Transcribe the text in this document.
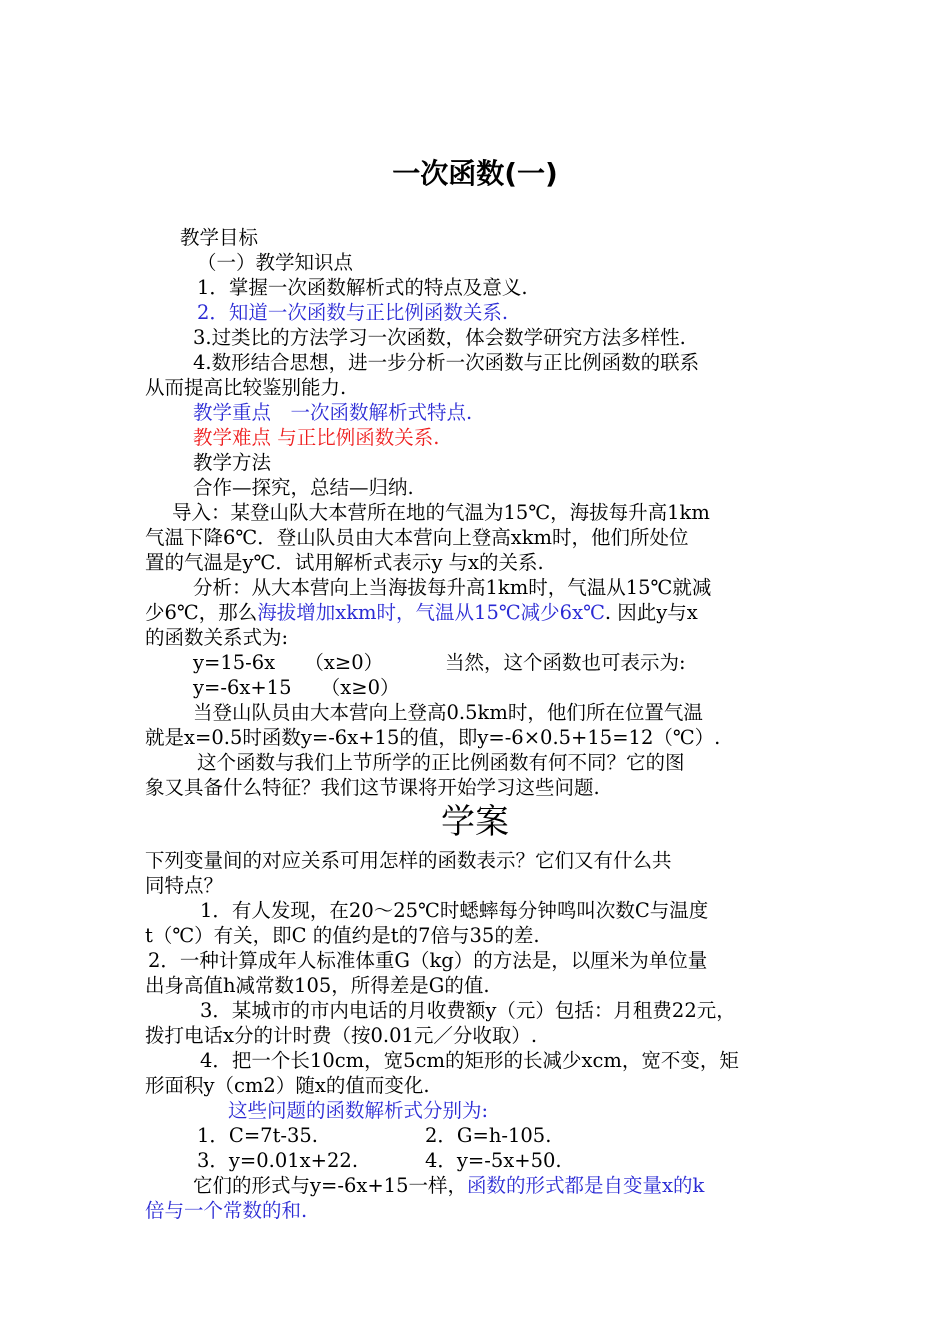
一次函数(一)
教学目标
（一）教学知识点
1．掌握一次函数解析式的特点及意义.
2．知道一次函数与正比例函数关系.
3.过类比的方法学习一次函数，体会数学研究方法多样性.
4.数形结合思想，进一步分析一次函数与正比例函数的联系
从而提高比较鉴别能力.
教学重点　一次函数解析式特点.
教学难点 与正比例函数关系.
教学方法
合作—探究，总结—归纳.
导入：某登山队大本营所在地的气温为15℃，海拔每升高1km
气温下降6℃．登山队员由大本营向上登高xkm时，他们所处位
置的气温是y℃．试用解析式表示y 与x的关系.
分析：从大本营向上当海拔每升高1km时，气温从15℃就减
少6℃，那么海拔增加xkm时，气温从15℃减少6x℃. 因此y与x
的函数关系式为:
y=15-6x　　（x≥0）	当然，这个函数也可表示为:
y=-6x+15　　（x≥0）
当登山队员由大本营向上登高0.5km时，他们所在位置气温
就是x=0.5时函数y=-6x+15的值，即y=-6×0.5+15=12（℃）.
这个函数与我们上节所学的正比例函数有何不同？它的图
象又具备什么特征？我们这节课将开始学习这些问题.
学案
下列变量间的对应关系可用怎样的函数表示？它们又有什么共
同特点？
1．有人发现，在20～25℃时蟋蟀每分钟鸣叫次数C与温度
t（℃）有关，即C 的值约是t的7倍与35的差.
2．一种计算成年人标准体重G（kg）的方法是，以厘米为单位量
出身高值h减常数105，所得差是G的值.
3．某城市的市内电话的月收费额y（元）包括：月租费22元，
拨打电话x分的计时费（按0.01元／分收取）.
4．把一个长10cm，宽5cm的矩形的长减少xcm，宽不变，矩
形面积y（cm2）随x的值而变化.
这些问题的函数解析式分别为:
1．C=7t-35.	2．G=h-105.
3．y=0.01x+22.	4．y=-5x+50.
它们的形式与y=-6x+15一样，函数的形式都是自变量x的k
倍与一个常数的和.
